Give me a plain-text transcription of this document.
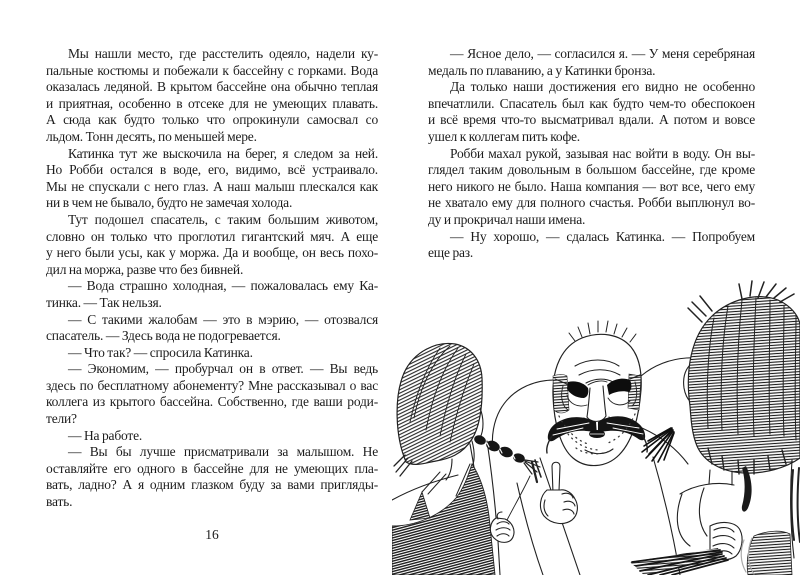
Мы нашли место, где расстелить одеяло, надели ку-
пальные костюмы и побежали к бассейну с горками. Вода
оказалась ледяной. В крытом бассейне она обычно теплая
и приятная, особенно в отсеке для не умеющих плавать.
А сюда как будто только что опрокинули самосвал со
льдом. Тонн десять, по меньшей мере.
Катинка тут же выскочила на берег, я следом за ней.
Но Робби остался в воде, его, видимо, всё устраивало.
Мы не спускали с него глаз. А наш малыш плескался как
ни в чем не бывало, будто не замечая холода.
Тут подошел спасатель, с таким большим животом,
словно он только что проглотил гигантский мяч. А еще
у него были усы, как у моржа. Да и вообще, он весь похо-
дил на моржа, разве что без бивней.
— Вода страшно холодная, — пожаловалась ему Ка-
тинка. — Так нельзя.
— С такими жалобам — это в мэрию, — отозвался
спасатель. — Здесь вода не подогревается.
— Что так? — спросила Катинка.
— Экономим, — пробурчал он в ответ. — Вы ведь
здесь по бесплатному абонементу? Мне рассказывал о вас
коллега из крытого бассейна. Собственно, где ваши роди-
тели?
— На работе.
— Вы бы лучше присматривали за малышом. Не
оставляйте его одного в бассейне для не умеющих пла-
вать, ладно? А я одним глазком буду за вами пригляды-
вать.
— Ясное дело, — согласился я. — У меня серебряная
медаль по плаванию, а у Катинки бронза.
Да только наши достижения его видно не особенно
впечатлили. Спасатель был как будто чем-то обеспокоен
и всё время что-то высматривал вдали. А потом и вовсе
ушел к коллегам пить кофе.
Робби махал рукой, зазывая нас войти в воду. Он вы-
глядел таким довольным в большом бассейне, где кроме
него никого не было. Наша компания — вот все, чего ему
не хватало ему для полного счастья. Робби выплюнул во-
ду и прокричал наши имена.
— Ну хорошо, — сдалась Катинка. — Попробуем
еще раз.
16
